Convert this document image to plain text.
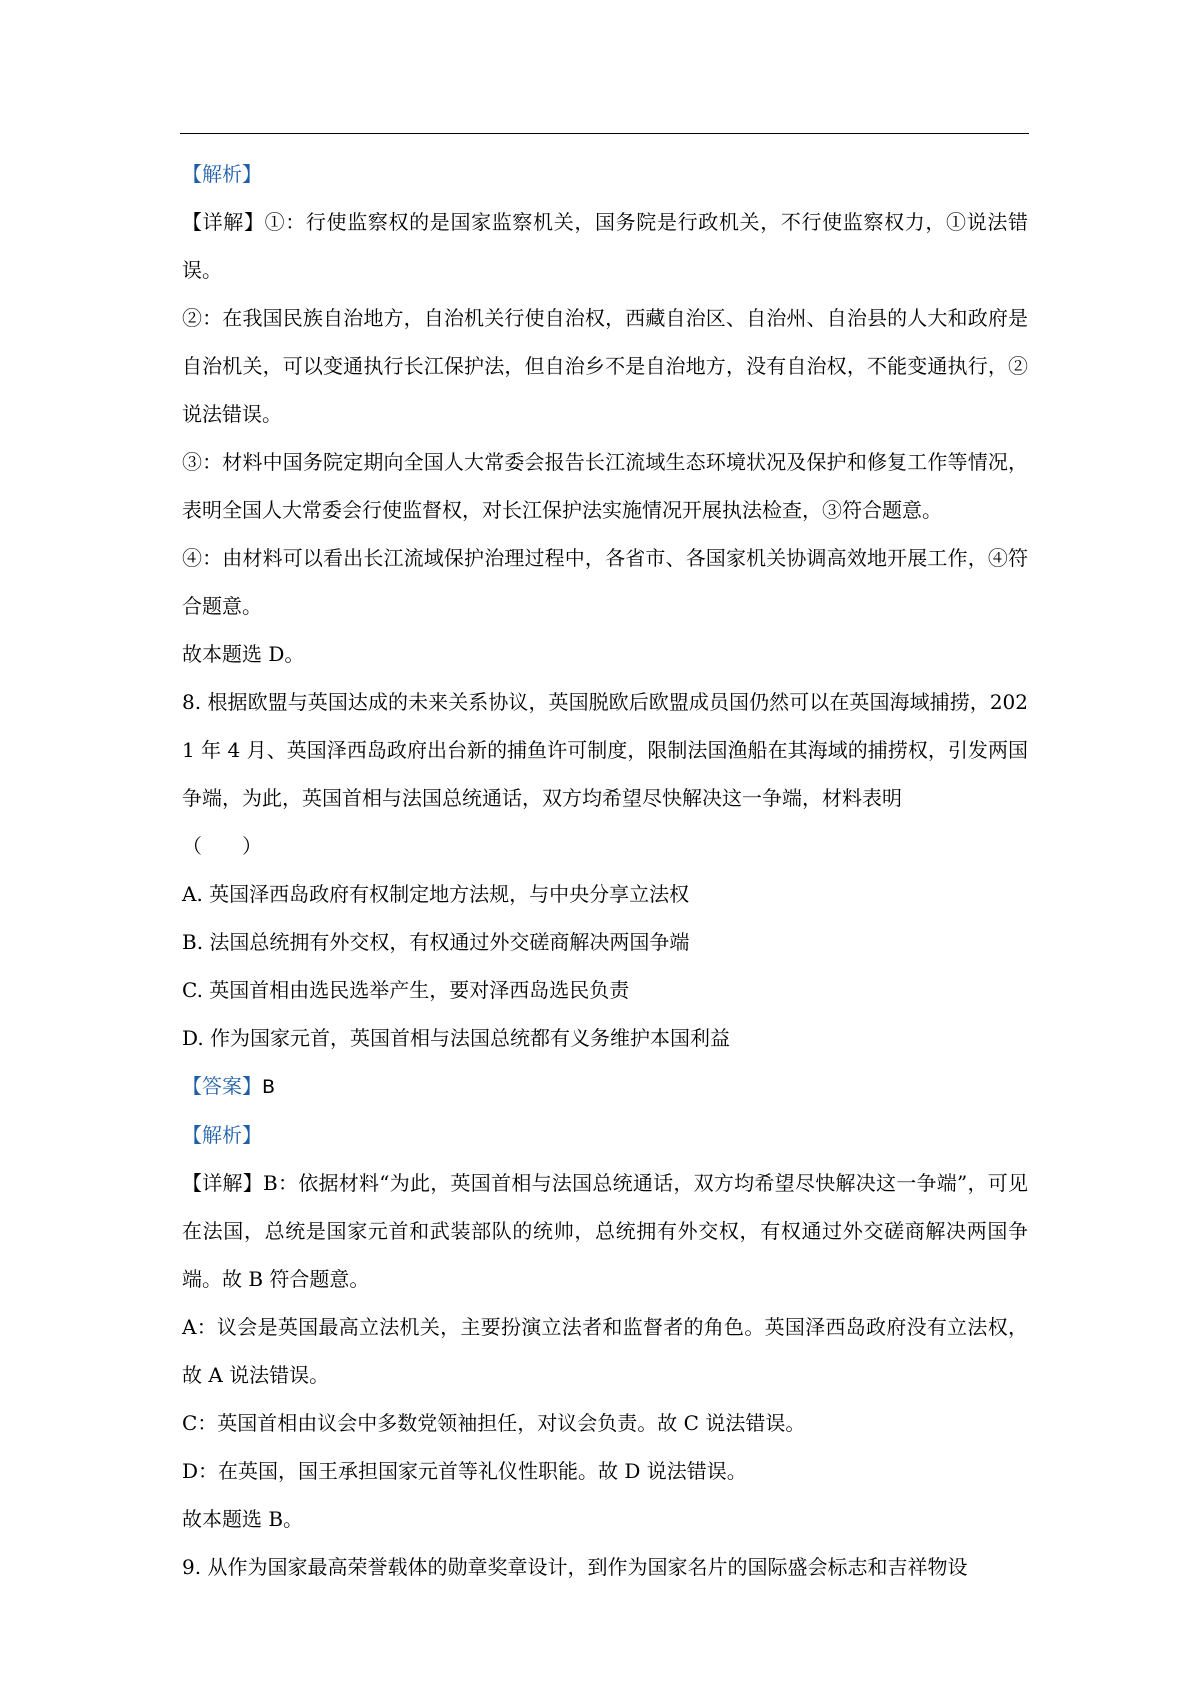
【解析】

【详解】①：行使监察权的是国家监察机关，国务院是行政机关，不行使监察权力，①说法错误。

②：在我国民族自治地方，自治机关行使自治权，西藏自治区、自治州、自治县的人大和政府是自治机关，可以变通执行长江保护法，但自治乡不是自治地方，没有自治权，不能变通执行，②说法错误。

③：材料中国务院定期向全国人大常委会报告长江流域生态环境状况及保护和修复工作等情况，表明全国人大常委会行使监督权，对长江保护法实施情况开展执法检查，③符合题意。

④：由材料可以看出长江流域保护治理过程中，各省市、各国家机关协调高效地开展工作，④符合题意。

故本题选 D。

8. 根据欧盟与英国达成的未来关系协议，英国脱欧后欧盟成员国仍然可以在英国海域捕捞，2021 年 4 月、英国泽西岛政府出台新的捕鱼许可制度，限制法国渔船在其海域的捕捞权，引发两国争端，为此，英国首相与法国总统通话，双方均希望尽快解决这一争端，材料表明

（　　）

A. 英国泽西岛政府有权制定地方法规，与中央分享立法权

B. 法国总统拥有外交权，有权通过外交磋商解决两国争端

C. 英国首相由选民选举产生，要对泽西岛选民负责

D. 作为国家元首，英国首相与法国总统都有义务维护本国利益

【答案】B

【解析】

【详解】B：依据材料“为此，英国首相与法国总统通话，双方均希望尽快解决这一争端”，可见在法国，总统是国家元首和武装部队的统帅，总统拥有外交权，有权通过外交磋商解决两国争端。故 B 符合题意。

A：议会是英国最高立法机关，主要扮演立法者和监督者的角色。英国泽西岛政府没有立法权，故 A 说法错误。

C：英国首相由议会中多数党领袖担任，对议会负责。故 C 说法错误。

D：在英国，国王承担国家元首等礼仪性职能。故 D 说法错误。

故本题选 B。

9. 从作为国家最高荣誉载体的勋章奖章设计，到作为国家名片的国际盛会标志和吉祥物设
